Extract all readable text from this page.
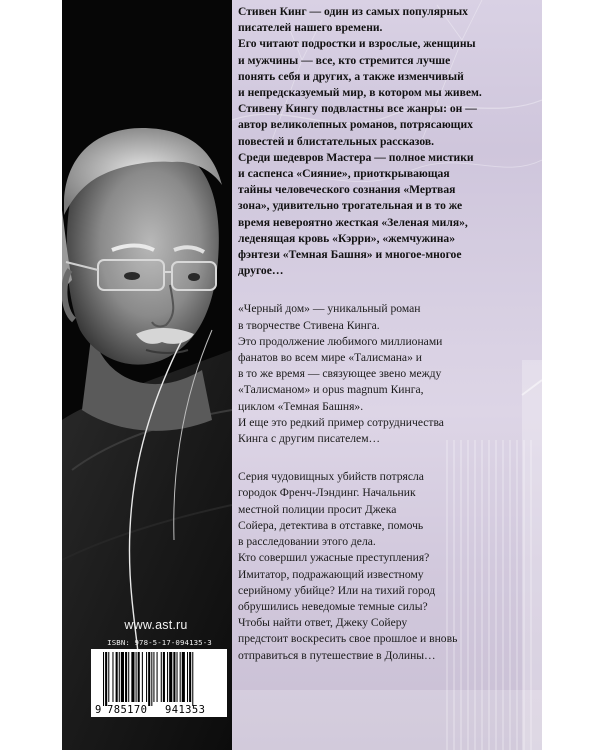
Стивен Кинг — один из самых популярных
писателей нашего времени.
Его читают подростки и взрослые, женщины
и мужчины — все, кто стремится лучше
понять себя и других, а также изменчивый
и непредсказуемый мир, в котором мы живем.
Стивену Кингу подвластны все жанры: он —
автор великолепных романов, потрясающих
повестей и блистательных рассказов.
Среди шедевров Мастера — полное мистики
и саспенса «Сияние», приоткрывающая
тайны человеческого сознания «Мертвая
зона», удивительно трогательная и в то же
время невероятно жесткая «Зеленая миля»,
леденящая кровь «Кэрри», «жемчужина»
фэнтези «Темная Башня» и многое-многое
другое…

«Черный дом» — уникальный роман
в творчестве Стивена Кинга.
Это продолжение любимого миллионами
фанатов во всем мире «Талисмана» и
в то же время — связующее звено между
«Талисманом» и opus magnum Кинга,
циклом «Темная Башня».
И еще это редкий пример сотрудничества
Кинга с другим писателем…

Серия чудовищных убийств потрясла
городок Френч-Лэндинг. Начальник
местной полиции просит Джека
Сойера, детектива в отставке, помочь
в расследовании этого дела.
Кто совершил ужасные преступления?
Имитатор, подражающий известному
серийному убийце? Или на тихий город
обрушились неведомые темные силы?
Чтобы найти ответ, Джеку Сойеру
предстоит воскресить свое прошлое и вновь
отправиться в путешествие в Долины…

www.ast.ru
ISBN: 978-5-17-094135-3
9 785170 941353
